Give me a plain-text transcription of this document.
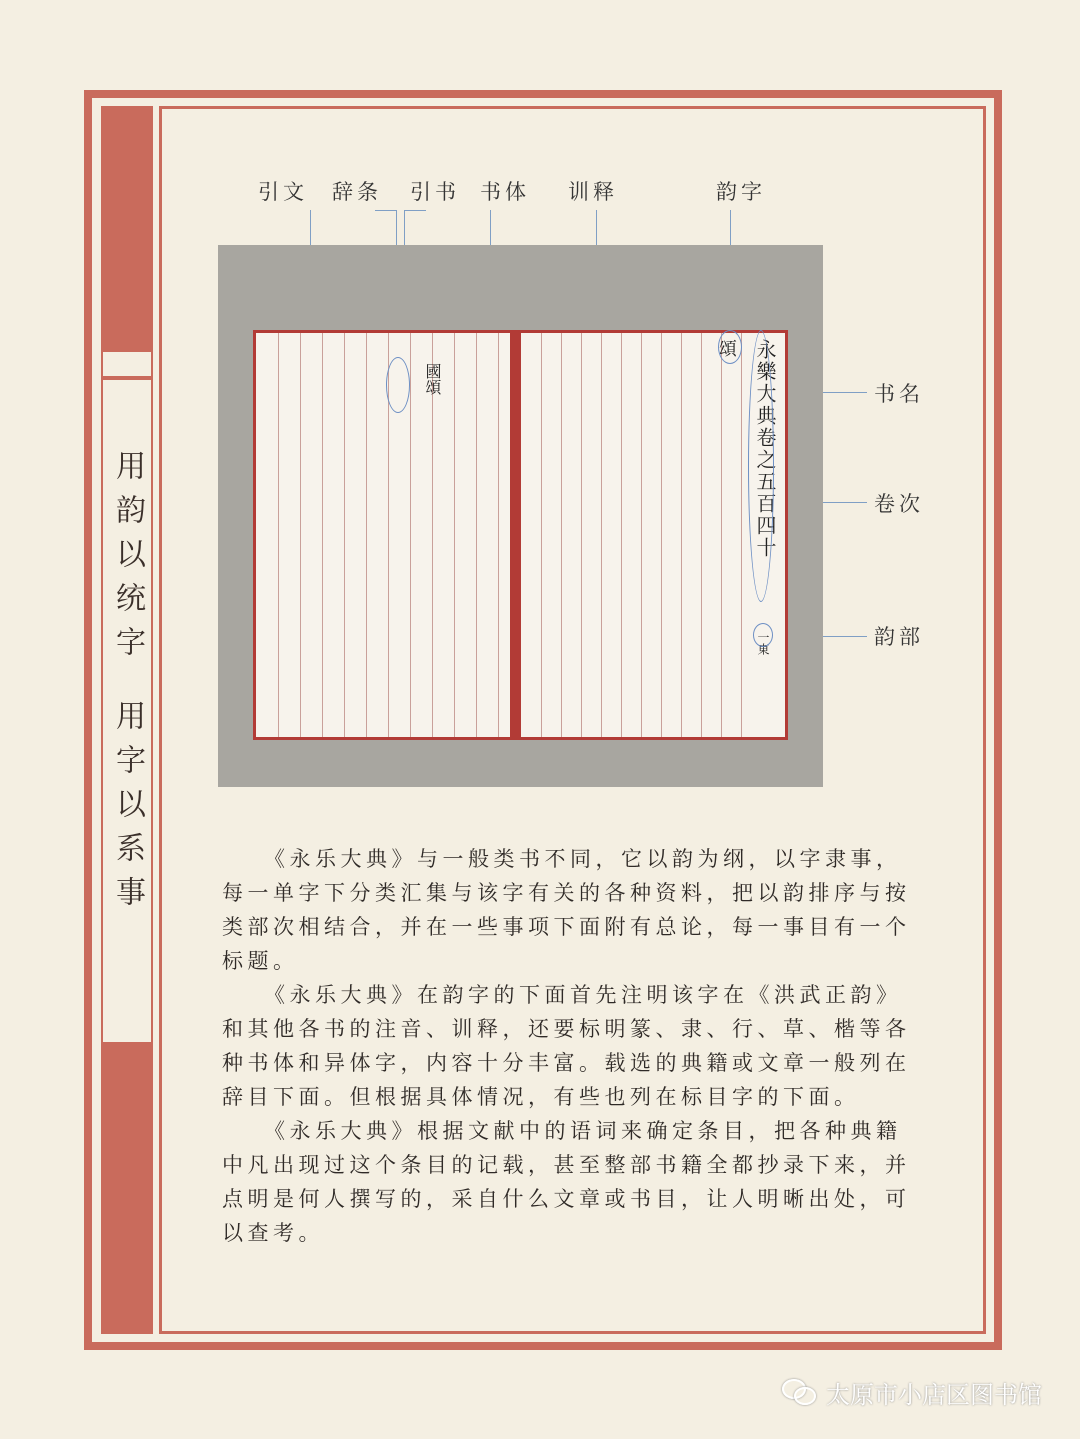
用韵以统字
用字以系事
引文 辞条 引书 书体 训释	韵字
书名
卷次
韵部
國頌
頌 永樂大典卷之五百四十
一東

《永乐大典》与一般类书不同，它以韵为纲，以字隶事，每一单字下分类汇集与该字有关的各种资料，把以韵排序与按类部次相结合，并在一些事项下面附有总论，每一事目有一个标题。

《永乐大典》在韵字的下面首先注明该字在《洪武正韵》和其他各书的注音、训释，还要标明篆、隶、行、草、楷等各种书体和异体字，内容十分丰富。载选的典籍或文章一般列在辞目下面。但根据具体情况，有些也列在标目字的下面。

《永乐大典》根据文献中的语词来确定条目，把各种典籍中凡出现过这个条目的记载，甚至整部书籍全都抄录下来，并点明是何人撰写的，采自什么文章或书目，让人明晰出处，可以查考。

太原市小店区图书馆
